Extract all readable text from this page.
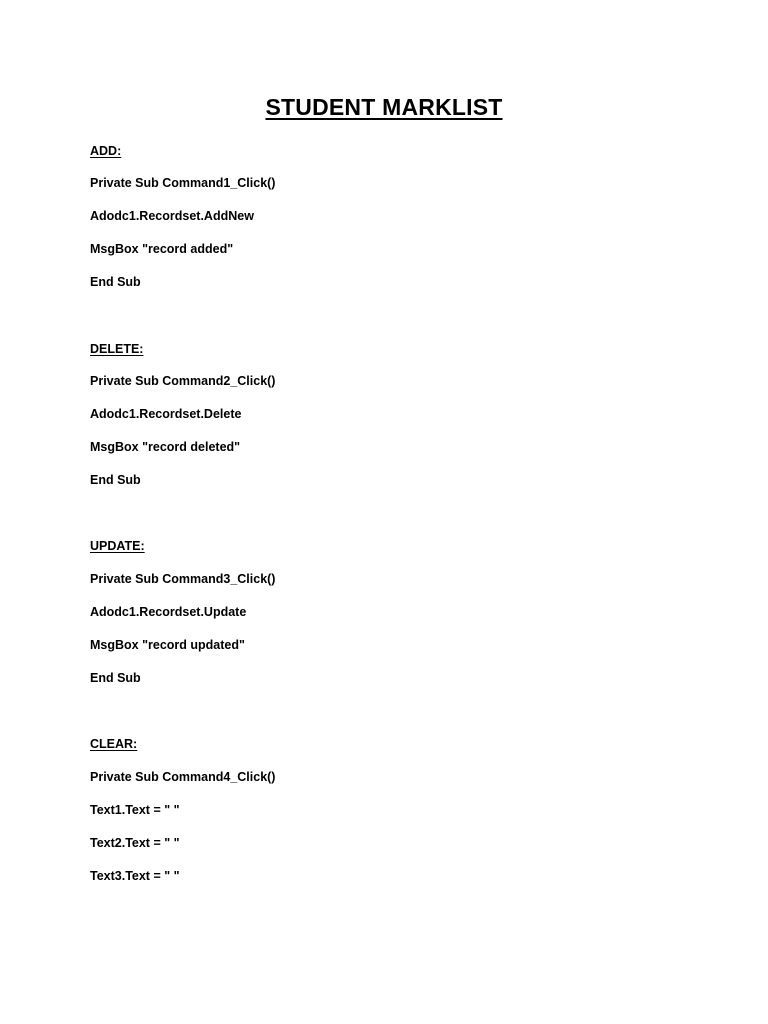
STUDENT MARKLIST

ADD:

Private Sub Command1_Click()

Adodc1.Recordset.AddNew

MsgBox "record added"

End Sub

DELETE:

Private Sub Command2_Click()

Adodc1.Recordset.Delete

MsgBox "record deleted"

End Sub

UPDATE:

Private Sub Command3_Click()

Adodc1.Recordset.Update

MsgBox "record updated"

End Sub

CLEAR:

Private Sub Command4_Click()

Text1.Text = " "

Text2.Text = " "

Text3.Text = " "
